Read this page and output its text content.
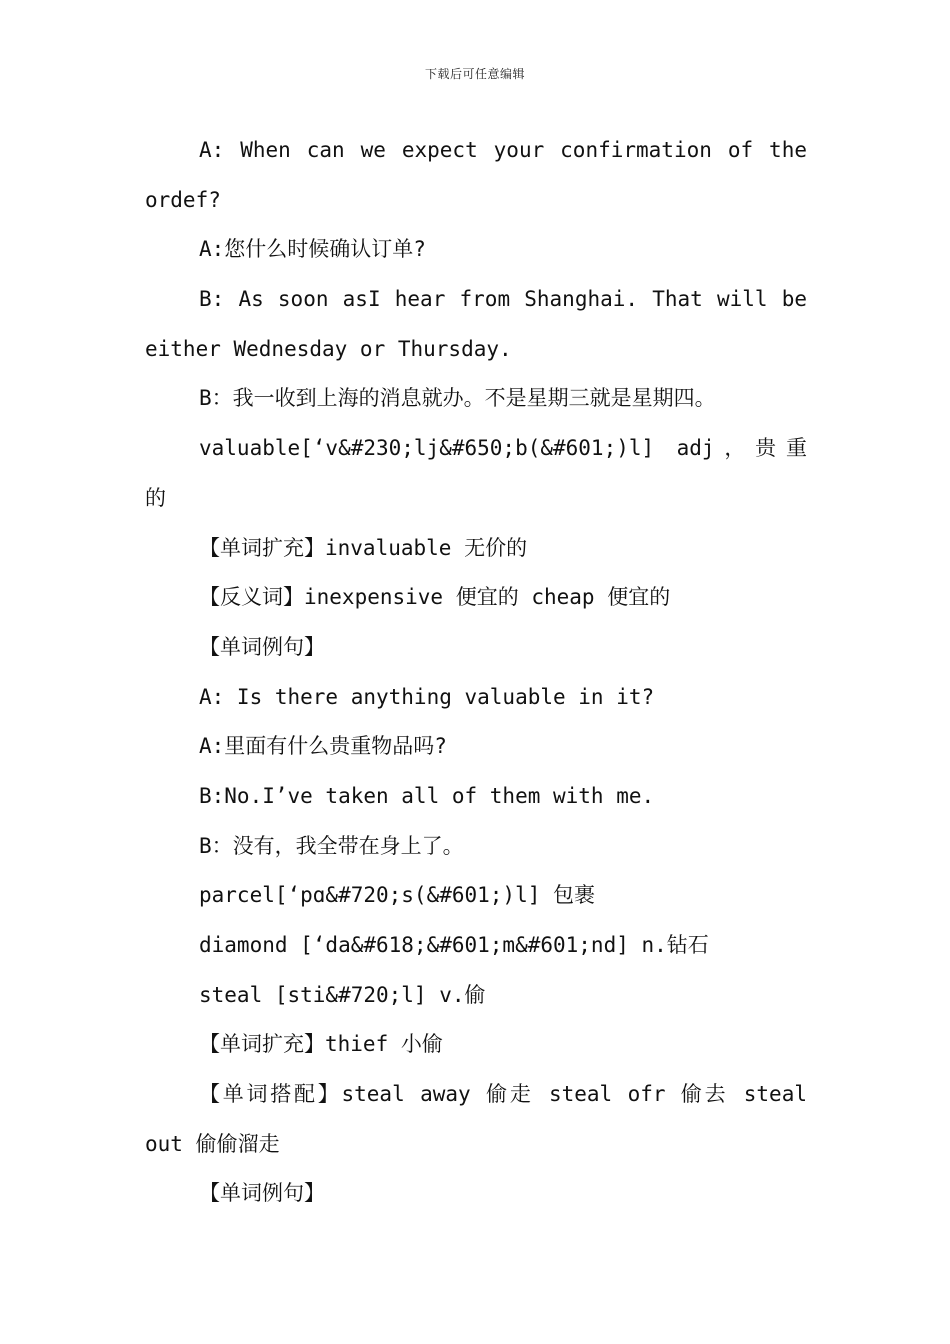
下载后可任意编辑
A: When can we expect your confirmation of the
ordef?
A:您什么时候确认订单?
B: As soon asI hear from Shanghai. That will be
either Wednesday or Thursday.
B：我一收到上海的消息就办。不是星期三就是星期四。
valuable[‘v&#230;lj&#650;b(&#601;)l] adj，贵重
的
【单词扩充】invaluable 无价的
【反义词】inexpensive 便宜的 cheap 便宜的
【单词例句】
A: Is there anything valuable in it?
A:里面有什么贵重物品吗?
B:No.I’ve taken all of them with me.
B：没有，我全带在身上了。
parcel[‘pɑ&#720;s(&#601;)l] 包裹
diamond [‘da&#618;&#601;m&#601;nd] n.钻石
steal [sti&#720;l] v.偷
【单词扩充】thief 小偷
【单词搭配】steal away 偷走 steal ofr 偷去 steal
out 偷偷溜走
【单词例句】
